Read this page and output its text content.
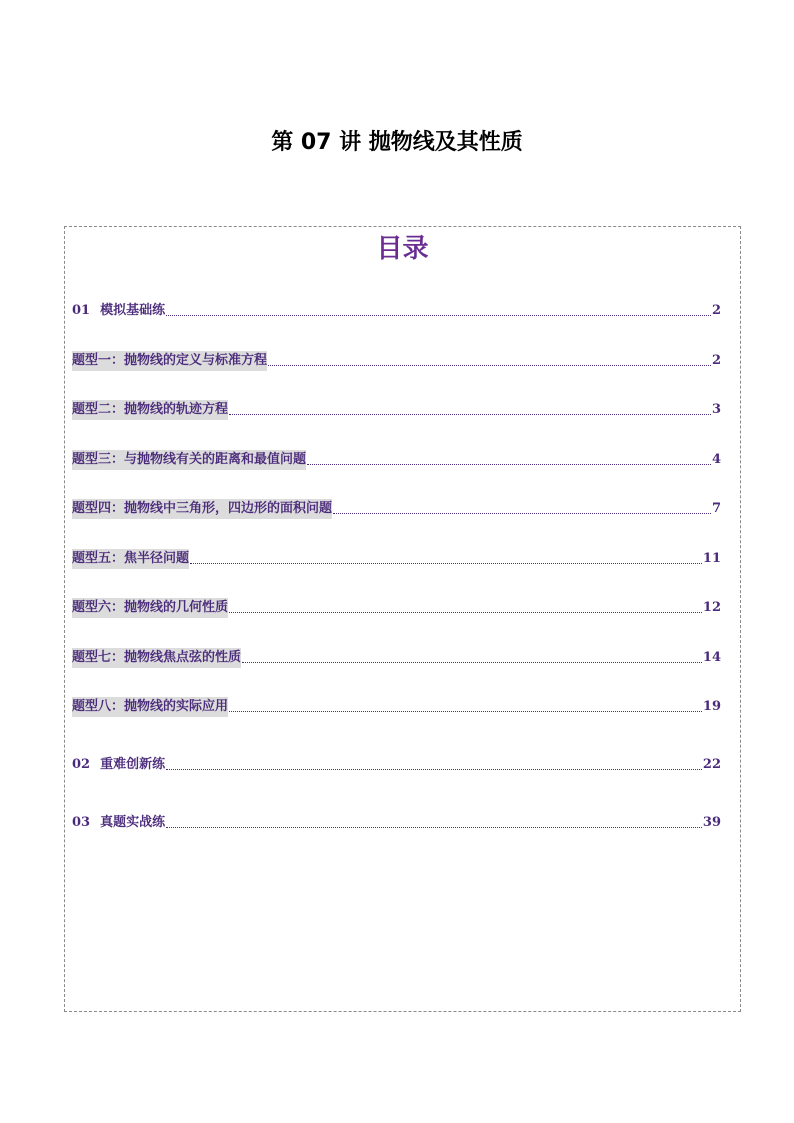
第 07 讲 抛物线及其性质
目录
01 模拟基础练	2
题型一：抛物线的定义与标准方程	2
题型二：抛物线的轨迹方程	3
题型三：与抛物线有关的距离和最值问题	4
题型四：抛物线中三角形，四边形的面积问题	7
题型五：焦半径问题	11
题型六：抛物线的几何性质	12
题型七：抛物线焦点弦的性质	14
题型八：抛物线的实际应用	19
02 重难创新练	22
03 真题实战练	39
